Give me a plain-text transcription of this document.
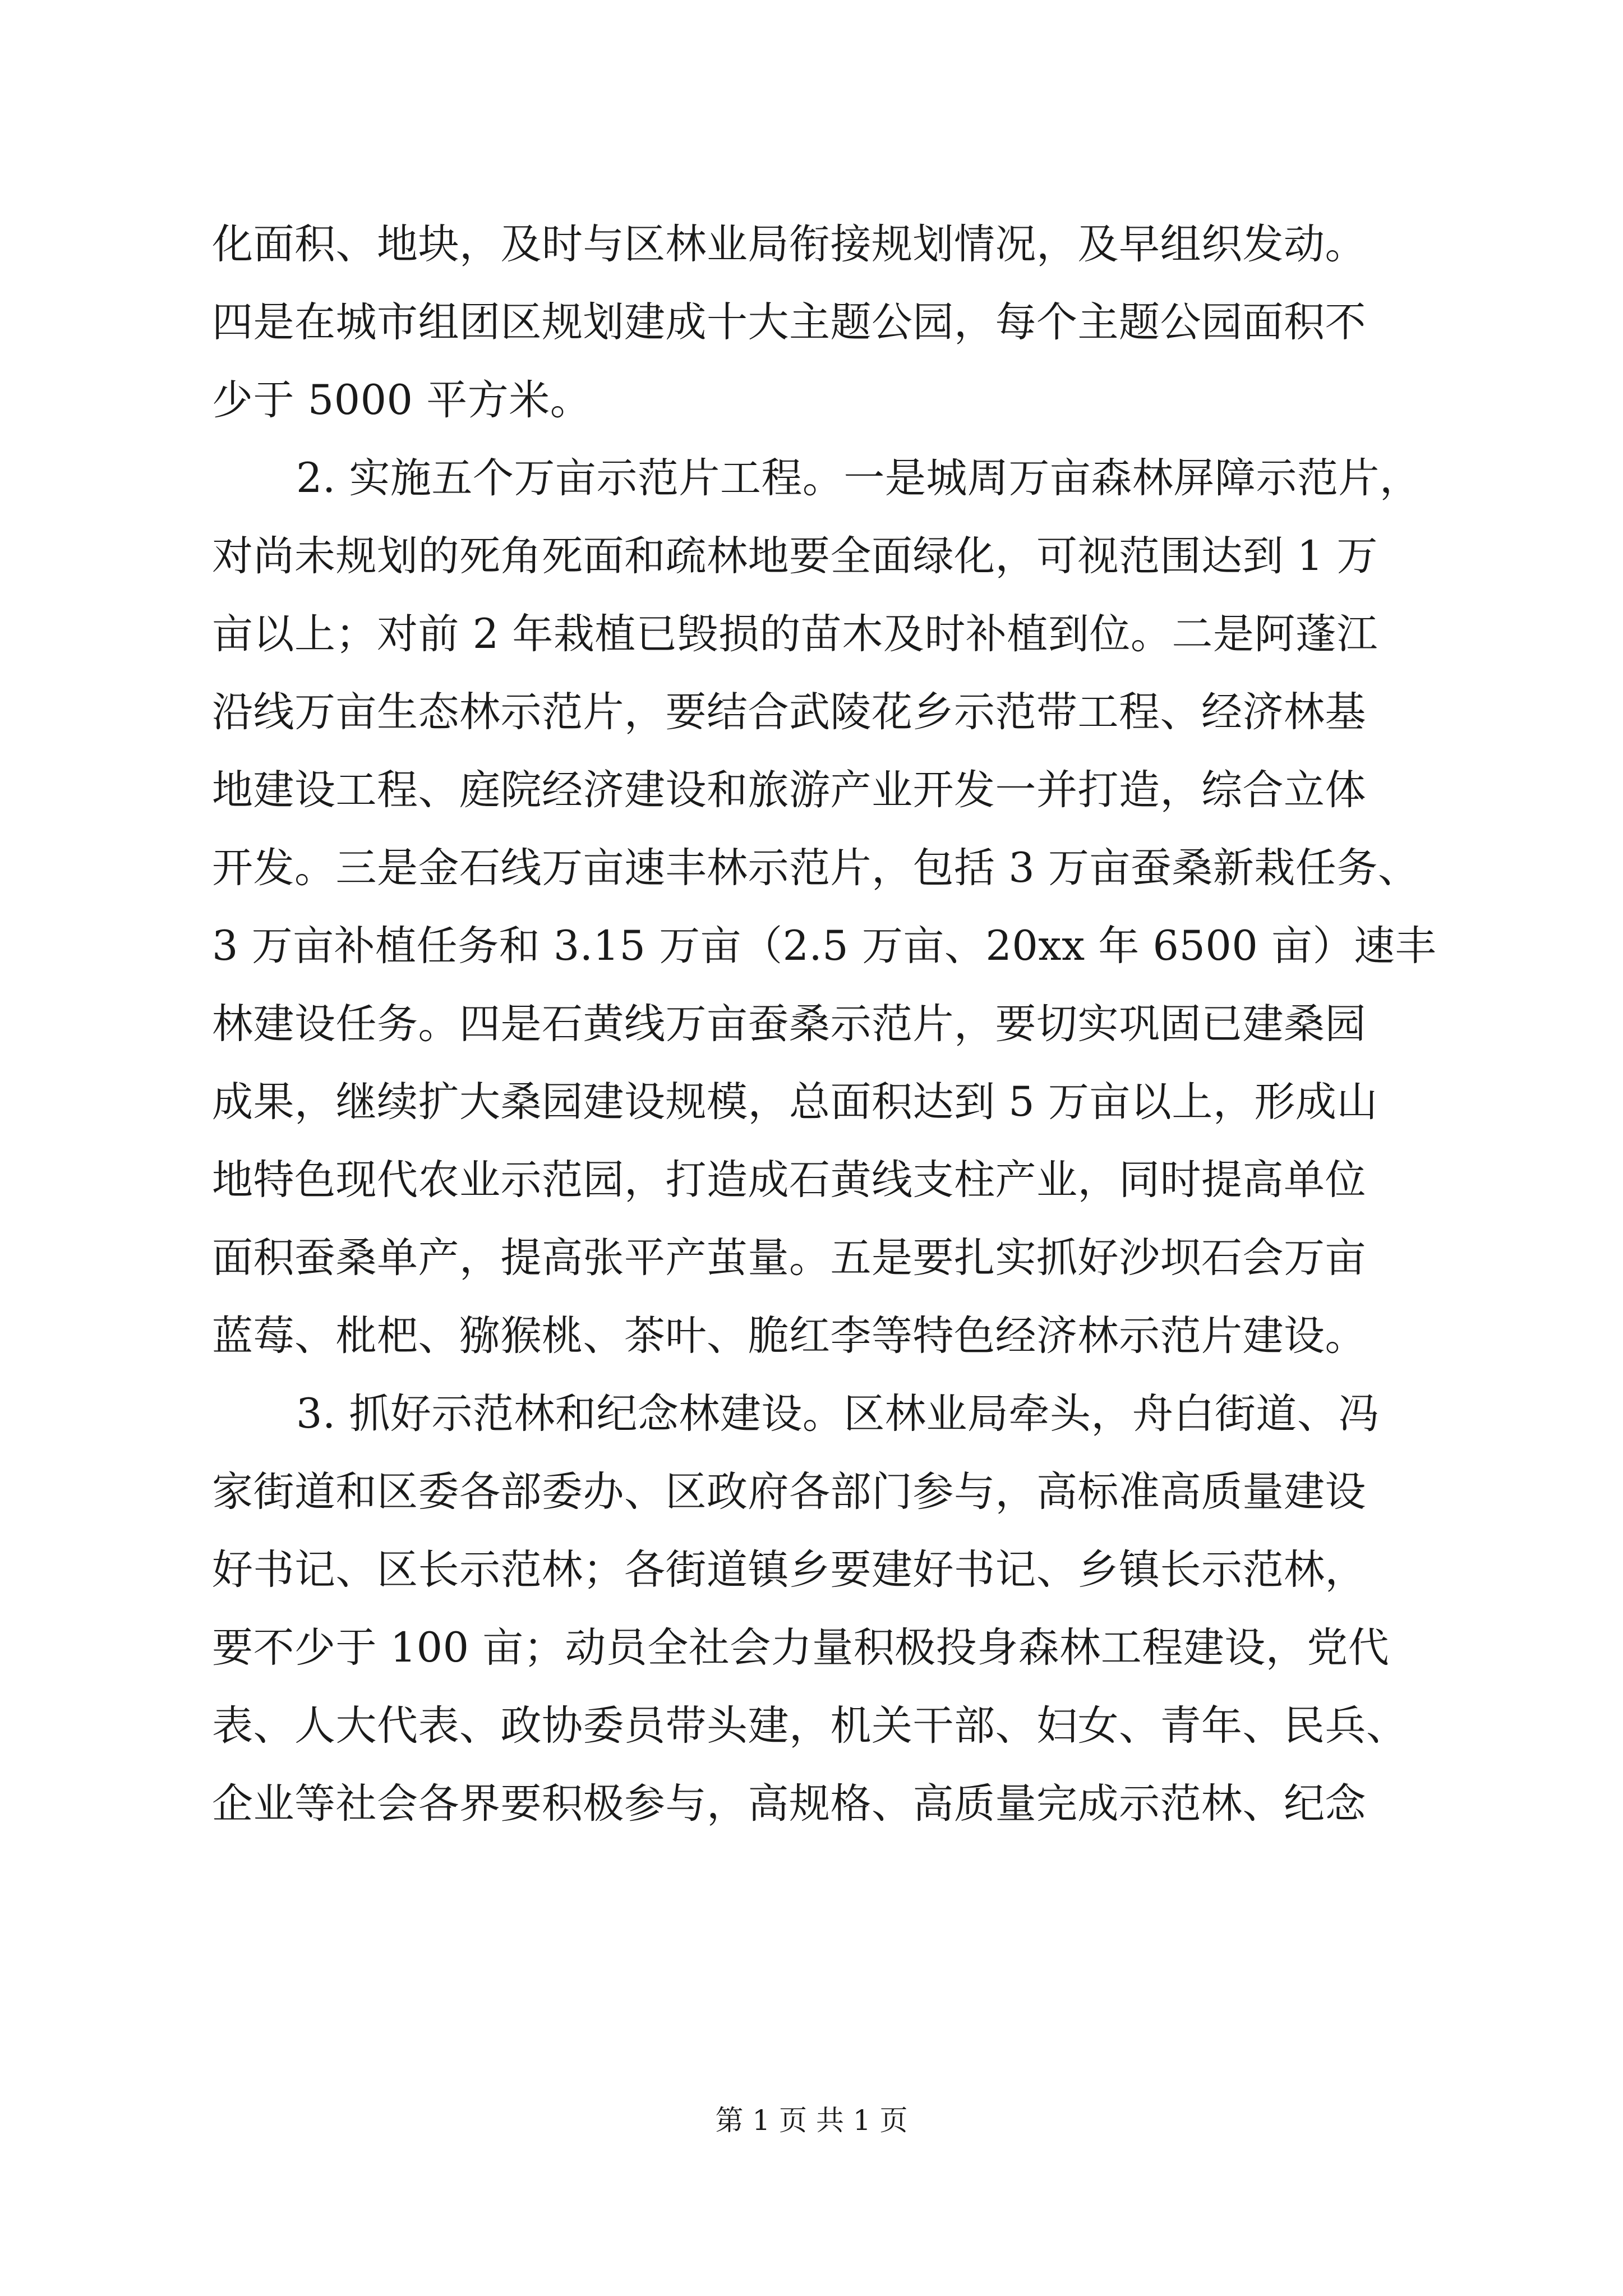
化面积、地块，及时与区林业局衔接规划情况，及早组织发动。
四是在城市组团区规划建成十大主题公园，每个主题公园面积不
少于 5000 平方米。
2. 实施五个万亩示范片工程。一是城周万亩森林屏障示范片，
对尚未规划的死角死面和疏林地要全面绿化，可视范围达到 1 万
亩以上；对前 2 年栽植已毁损的苗木及时补植到位。二是阿蓬江
沿线万亩生态林示范片，要结合武陵花乡示范带工程、经济林基
地建设工程、庭院经济建设和旅游产业开发一并打造，综合立体
开发。三是金石线万亩速丰林示范片，包括 3 万亩蚕桑新栽任务、
3 万亩补植任务和 3.15 万亩（2.5 万亩、20xx 年 6500 亩）速丰
林建设任务。四是石黄线万亩蚕桑示范片，要切实巩固已建桑园
成果，继续扩大桑园建设规模，总面积达到 5 万亩以上，形成山
地特色现代农业示范园，打造成石黄线支柱产业，同时提高单位
面积蚕桑单产，提高张平产茧量。五是要扎实抓好沙坝石会万亩
蓝莓、枇杷、猕猴桃、茶叶、脆红李等特色经济林示范片建设。
3. 抓好示范林和纪念林建设。区林业局牵头，舟白街道、冯
家街道和区委各部委办、区政府各部门参与，高标准高质量建设
好书记、区长示范林；各街道镇乡要建好书记、乡镇长示范林，
要不少于 100 亩；动员全社会力量积极投身森林工程建设，党代
表、人大代表、政协委员带头建，机关干部、妇女、青年、民兵、
企业等社会各界要积极参与，高规格、高质量完成示范林、纪念
第 1 页 共 1 页
